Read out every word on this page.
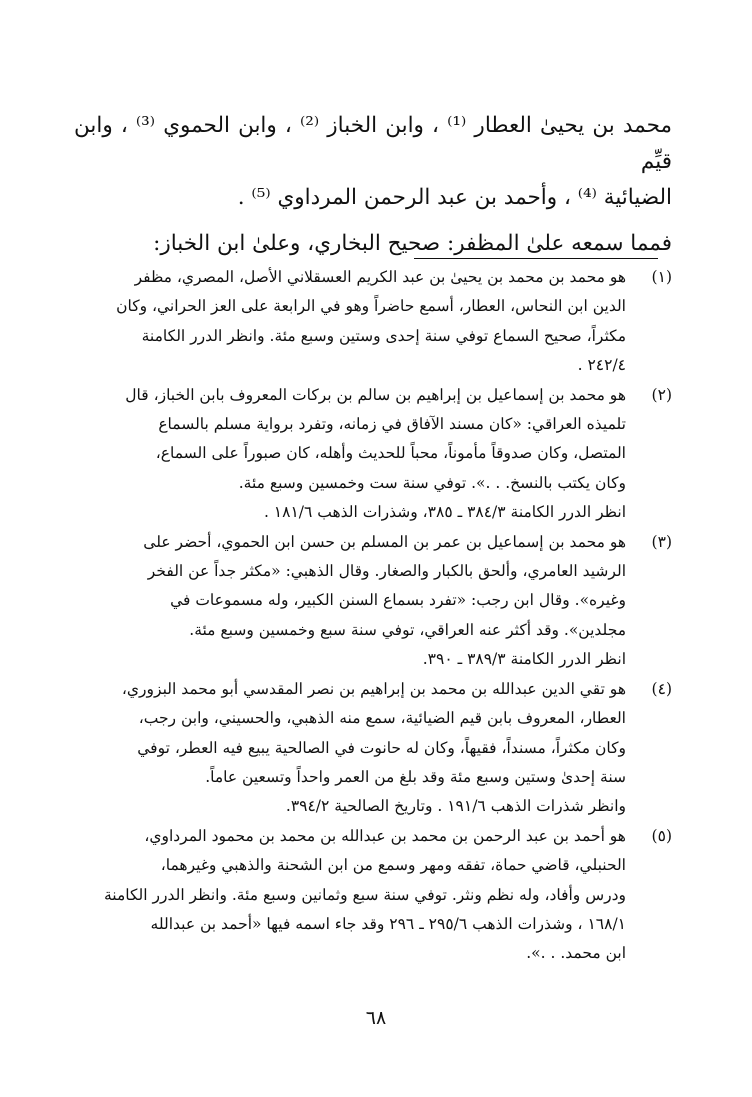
محمد بن يحيىٰ العطار ⁽¹⁾ ، وابن الخباز ⁽²⁾ ، وابن الحموي ⁽³⁾ ، وابن قيِّم

الضيائية ⁽⁴⁾ ، وأحمد بن عبد الرحمن المرداوي ⁽⁵⁾ .

فمما سمعه علىٰ المظفر: صحيح البخاري، وعلىٰ ابن الخباز:

(١)
هو محمد بن محمد بن يحيىٰ بن عبد الكريم العسقلاني الأصل، المصري، مظفر
الدين ابن النحاس، العطار، أسمع حاضراً وهو في الرابعة على العز الحراني، وكان
مكثراً، صحيح السماع توفي سنة إحدى وستين وسبع مئة. وانظر الدرر الكامنة
٢٤٢/٤ .
(٢)
هو محمد بن إسماعيل بن إبراهيم بن سالم بن بركات المعروف بابن الخباز، قال
تلميذه العراقي: «كان مسند الآفاق في زمانه، وتفرد برواية مسلم بالسماع
المتصل، وكان صدوقاً مأموناً، محباً للحديث وأهله، كان صبوراً على السماع،
وكان يكتب بالنسخ. . .». توفي سنة ست وخمسين وسبع مئة.
انظر الدرر الكامنة ٣٨٤/٣ ـ ٣٨٥، وشذرات الذهب ١٨١/٦ .
(٣)
هو محمد بن إسماعيل بن عمر بن المسلم بن حسن ابن الحموي، أحضر على
الرشيد العامري، وألحق بالكبار والصغار. وقال الذهبي: «مكثر جداً عن الفخر
وغيره». وقال ابن رجب: «تفرد بسماع السنن الكبير، وله مسموعات في
مجلدين». وقد أكثر عنه العراقي، توفي سنة سبع وخمسين وسبع مئة.
انظر الدرر الكامنة ٣٨٩/٣ ـ ٣٩٠.
(٤)
هو تقي الدين عبدالله بن محمد بن إبراهيم بن نصر المقدسي أبو محمد البزوري،
العطار، المعروف بابن قيم الضيائية، سمع منه الذهبي، والحسيني، وابن رجب،
وكان مكثراً، مسنداً، فقيهاً، وكان له حانوت في الصالحية يبيع فيه العطر، توفي
سنة إحدىٰ وستين وسبع مئة وقد بلغ من العمر واحداً وتسعين عاماً.
وانظر شذرات الذهب ١٩١/٦ . وتاريخ الصالحية ٣٩٤/٢.
(٥)
هو أحمد بن عبد الرحمن بن محمد بن عبدالله بن محمد بن محمود المرداوي،
الحنبلي، قاضي حماة، تفقه ومهر وسمع من ابن الشحنة والذهبي وغيرهما،
ودرس وأفاد، وله نظم ونثر. توفي سنة سبع وثمانين وسبع مئة. وانظر الدرر الكامنة
١٦٨/١ ، وشذرات الذهب ٢٩٥/٦ ـ ٢٩٦ وقد جاء اسمه فيها «أحمد بن عبدالله
ابن محمد. . .».
٦٨
